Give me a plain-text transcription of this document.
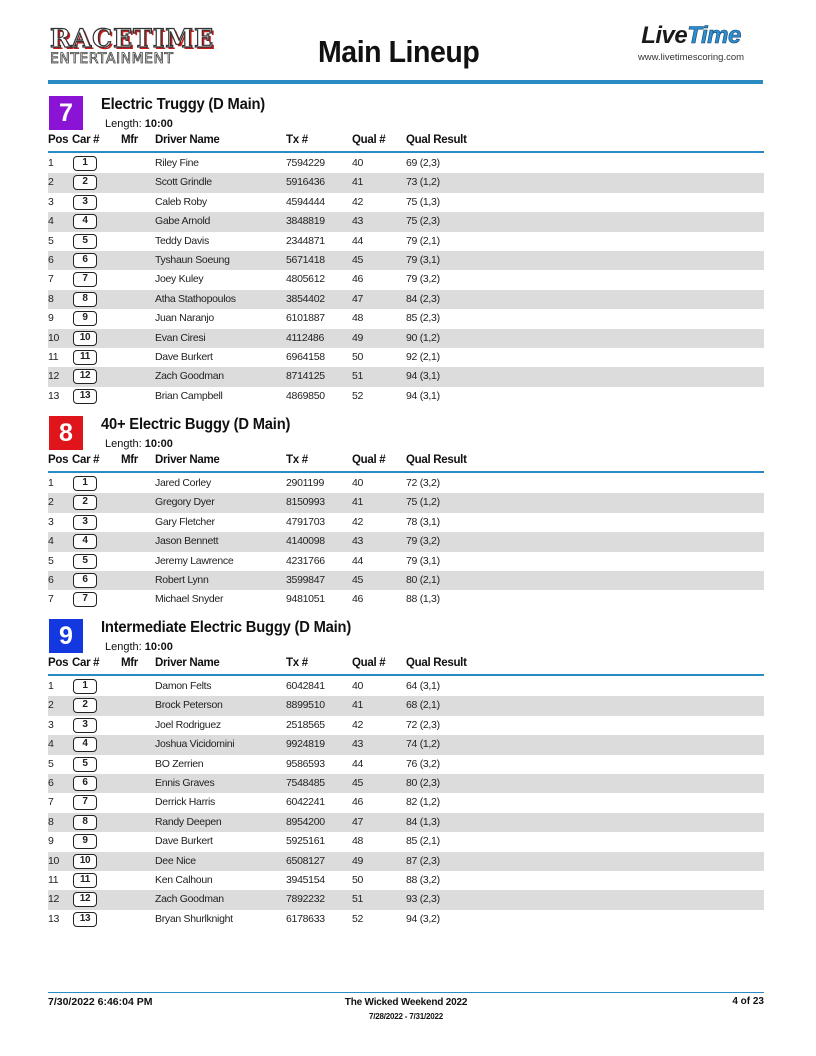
RACETIME
ENTERTAINMENT	Main Lineup	LiveTime
www.livetimescoring.com
7	Electric Truggy (D Main)
Length: 10:00
Pos Car # Mfr Driver Name	Tx #	Qual # Qual Result
1	1	Riley Fine	7594229	40	69 (2,3)
2	2	Scott Grindle	5916436	41	73 (1,2)
3	3	Caleb Roby	4594444	42	75 (1,3)
4	4	Gabe Arnold	3848819	43	75 (2,3)
5	5	Teddy Davis	2344871	44	79 (2,1)
6	6	Tyshaun Soeung	5671418	45	79 (3,1)
7	7	Joey Kuley	4805612	46	79 (3,2)
8	8	Atha Stathopoulos	3854402	47	84 (2,3)
9	9	Juan Naranjo	6101887	48	85 (2,3)
10	10	Evan Ciresi	4112486	49	90 (1,2)
11	11	Dave Burkert	6964158	50	92 (2,1)
12	12	Zach Goodman	8714125	51	94 (3,1)
13	13	Brian Campbell	4869850	52	94 (3,1)
8	40+ Electric Buggy (D Main)
Length: 10:00
Pos Car # Mfr Driver Name	Tx #	Qual # Qual Result
1	1	Jared Corley	2901199	40	72 (3,2)
2	2	Gregory Dyer	8150993	41	75 (1,2)
3	3	Gary Fletcher	4791703	42	78 (3,1)
4	4	Jason Bennett	4140098	43	79 (3,2)
5	5	Jeremy Lawrence	4231766	44	79 (3,1)
6	6	Robert Lynn	3599847	45	80 (2,1)
7	7	Michael Snyder	9481051	46	88 (1,3)
9	Intermediate Electric Buggy (D Main)
Length: 10:00
Pos Car # Mfr Driver Name	Tx #	Qual # Qual Result
1	1	Damon Felts	6042841	40	64 (3,1)
2	2	Brock Peterson	8899510	41	68 (2,1)
3	3	Joel Rodriguez	2518565	42	72 (2,3)
4	4	Joshua Vicidomini	9924819	43	74 (1,2)
5	5	BO Zerrien	9586593	44	76 (3,2)
6	6	Ennis Graves	7548485	45	80 (2,3)
7	7	Derrick Harris	6042241	46	82 (1,2)
8	8	Randy Deepen	8954200	47	84 (1,3)
9	9	Dave Burkert	5925161	48	85 (2,1)
10	10	Dee Nice	6508127	49	87 (2,3)
11	11	Ken Calhoun	3945154	50	88 (3,2)
12	12	Zach Goodman	7892232	51	93 (2,3)
13	13	Bryan Shurlknight	6178633	52	94 (3,2)
7/30/2022 6:46:04 PM	The Wicked Weekend 2022
7/28/2022 - 7/31/2022
4 of 23
